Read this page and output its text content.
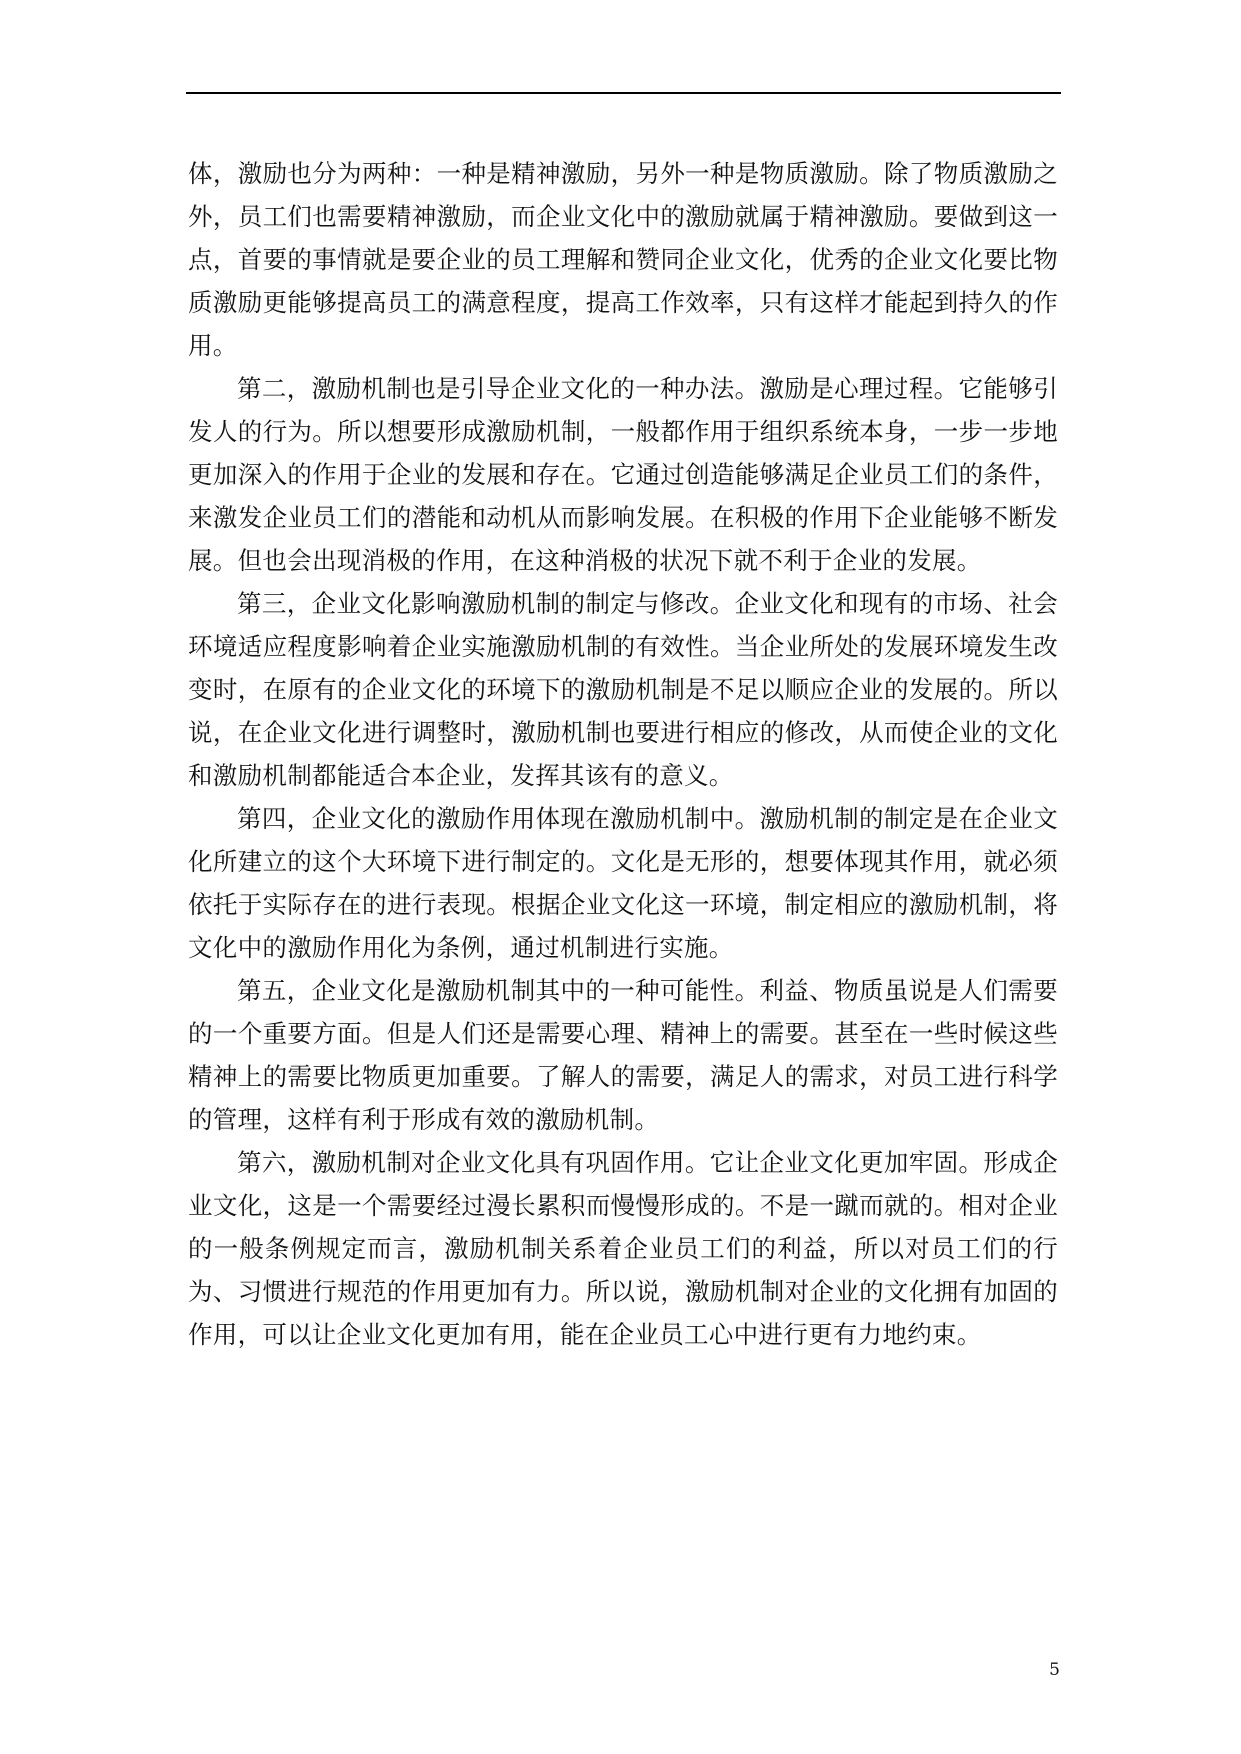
体，激励也分为两种：一种是精神激励，另外一种是物质激励。除了物质激励之外，员工们也需要精神激励，而企业文化中的激励就属于精神激励。要做到这一点，首要的事情就是要企业的员工理解和赞同企业文化，优秀的企业文化要比物质激励更能够提高员工的满意程度，提高工作效率，只有这样才能起到持久的作用。

第二，激励机制也是引导企业文化的一种办法。激励是心理过程。它能够引发人的行为。所以想要形成激励机制，一般都作用于组织系统本身，一步一步地更加深入的作用于企业的发展和存在。它通过创造能够满足企业员工们的条件，来激发企业员工们的潜能和动机从而影响发展。在积极的作用下企业能够不断发展。但也会出现消极的作用，在这种消极的状况下就不利于企业的发展。

第三，企业文化影响激励机制的制定与修改。企业文化和现有的市场、社会环境适应程度影响着企业实施激励机制的有效性。当企业所处的发展环境发生改变时，在原有的企业文化的环境下的激励机制是不足以顺应企业的发展的。所以说，在企业文化进行调整时，激励机制也要进行相应的修改，从而使企业的文化和激励机制都能适合本企业，发挥其该有的意义。

第四，企业文化的激励作用体现在激励机制中。激励机制的制定是在企业文化所建立的这个大环境下进行制定的。文化是无形的，想要体现其作用，就必须依托于实际存在的进行表现。根据企业文化这一环境，制定相应的激励机制，将文化中的激励作用化为条例，通过机制进行实施。

第五，企业文化是激励机制其中的一种可能性。利益、物质虽说是人们需要的一个重要方面。但是人们还是需要心理、精神上的需要。甚至在一些时候这些精神上的需要比物质更加重要。了解人的需要，满足人的需求，对员工进行科学的管理，这样有利于形成有效的激励机制。

第六，激励机制对企业文化具有巩固作用。它让企业文化更加牢固。形成企业文化，这是一个需要经过漫长累积而慢慢形成的。不是一蹴而就的。相对企业的一般条例规定而言，激励机制关系着企业员工们的利益，所以对员工们的行为、习惯进行规范的作用更加有力。所以说，激励机制对企业的文化拥有加固的作用，可以让企业文化更加有用，能在企业员工心中进行更有力地约束。

5
